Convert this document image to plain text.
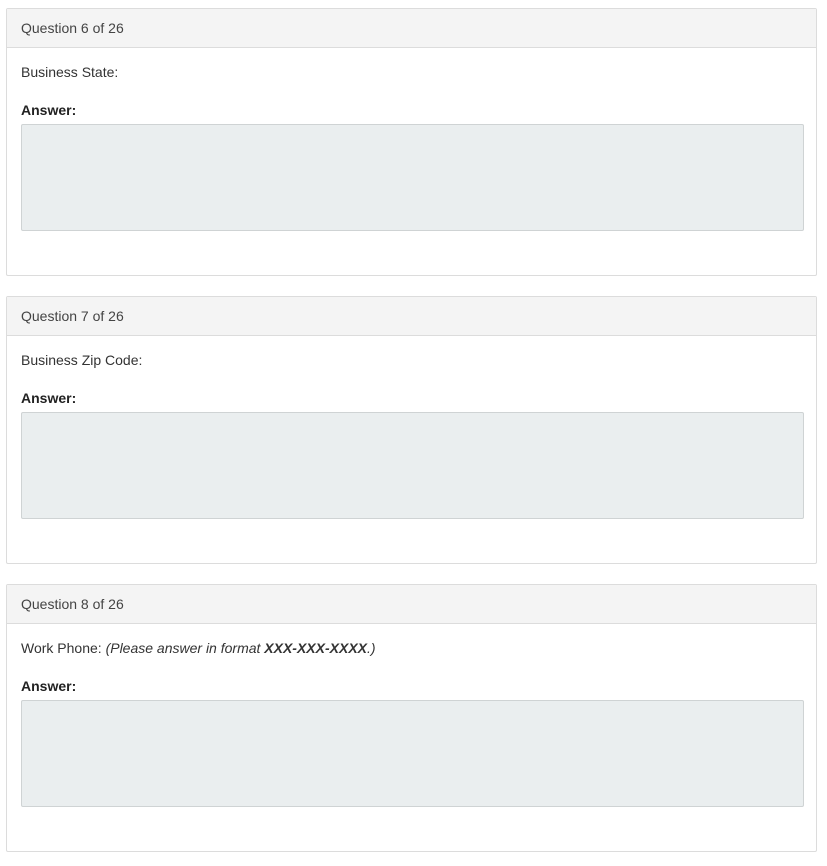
Question 6 of 26
Business State:
Answer:
Question 7 of 26
Business Zip Code:
Answer:
Question 8 of 26
Work Phone: (Please answer in format XXX-XXX-XXXX.)
Answer:
